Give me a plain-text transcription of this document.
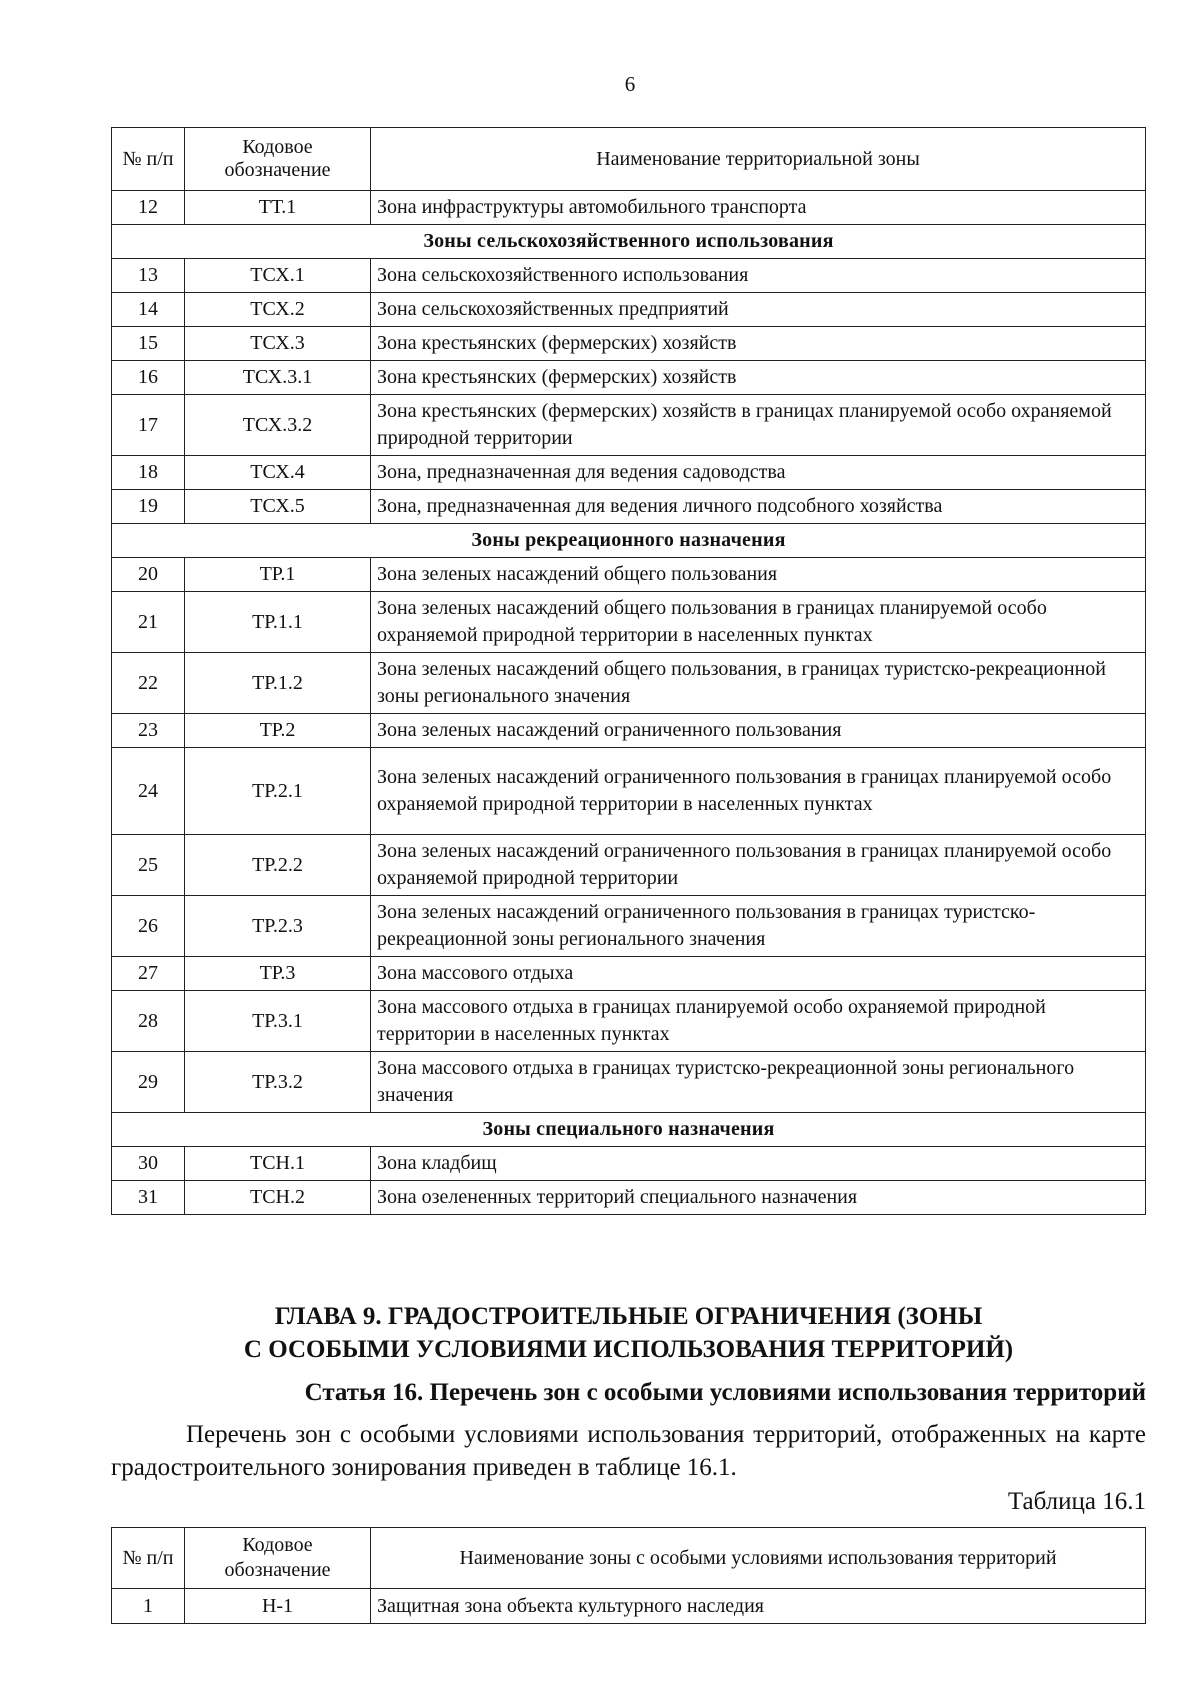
6
№ п/п	Кодовое обозначение	Наименование территориальной зоны
12	ТТ.1	Зона инфраструктуры автомобильного транспорта
Зоны сельскохозяйственного использования		
13	ТСХ.1	Зона сельскохозяйственного использования
14	ТСХ.2	Зона сельскохозяйственных предприятий
15	ТСХ.3	Зона крестьянских (фермерских) хозяйств
16	ТСХ.3.1	Зона крестьянских (фермерских) хозяйств
17	ТСХ.3.2	Зона крестьянских (фермерских) хозяйств в границах планируемой особо охраняемой природной территории
18	ТСХ.4	Зона, предназначенная для ведения садоводства
19	ТСХ.5	Зона, предназначенная для ведения личного подсобного хозяйства
Зоны рекреационного назначения		
20	ТР.1	Зона зеленых насаждений общего пользования
21	ТР.1.1	Зона зеленых насаждений общего пользования в границах планируемой особо охраняемой природной территории в населенных пунктах
22	ТР.1.2	Зона зеленых насаждений общего пользования, в границах туристско-рекреационной зоны регионального значения
23	ТР.2	Зона зеленых насаждений ограниченного пользования
24	ТР.2.1	Зона зеленых насаждений ограниченного пользования в границах планируемой особо охраняемой природной территории в населенных пунктах
25	ТР.2.2	Зона зеленых насаждений ограниченного пользования в границах планируемой особо охраняемой природной территории
26	ТР.2.3	Зона зеленых насаждений ограниченного пользования в границах туристско-рекреационной зоны регионального значения
27	ТР.3	Зона массового отдыха
28	ТР.3.1	Зона массового отдыха в границах планируемой особо охраняемой природной территории в населенных пунктах
29	ТР.3.2	Зона массового отдыха в границах туристско-рекреационной зоны регионального значения
Зоны специального назначения		
30	ТСН.1	Зона кладбищ
31	ТСН.2	Зона озелененных территорий специального назначения
ГЛАВА 9. ГРАДОСТРОИТЕЛЬНЫЕ ОГРАНИЧЕНИЯ (ЗОНЫ
С ОСОБЫМИ УСЛОВИЯМИ ИСПОЛЬЗОВАНИЯ ТЕРРИТОРИЙ)
Статья 16. Перечень зон с особыми условиями использования территорий
Перечень зон с особыми условиями использования территорий, отображенных на карте градостроительного зонирования приведен в таблице 16.1.
Таблица 16.1
№ п/п	Кодовое обозначение	Наименование зоны с особыми условиями использования территорий
1	Н-1	Защитная зона объекта культурного наследия
